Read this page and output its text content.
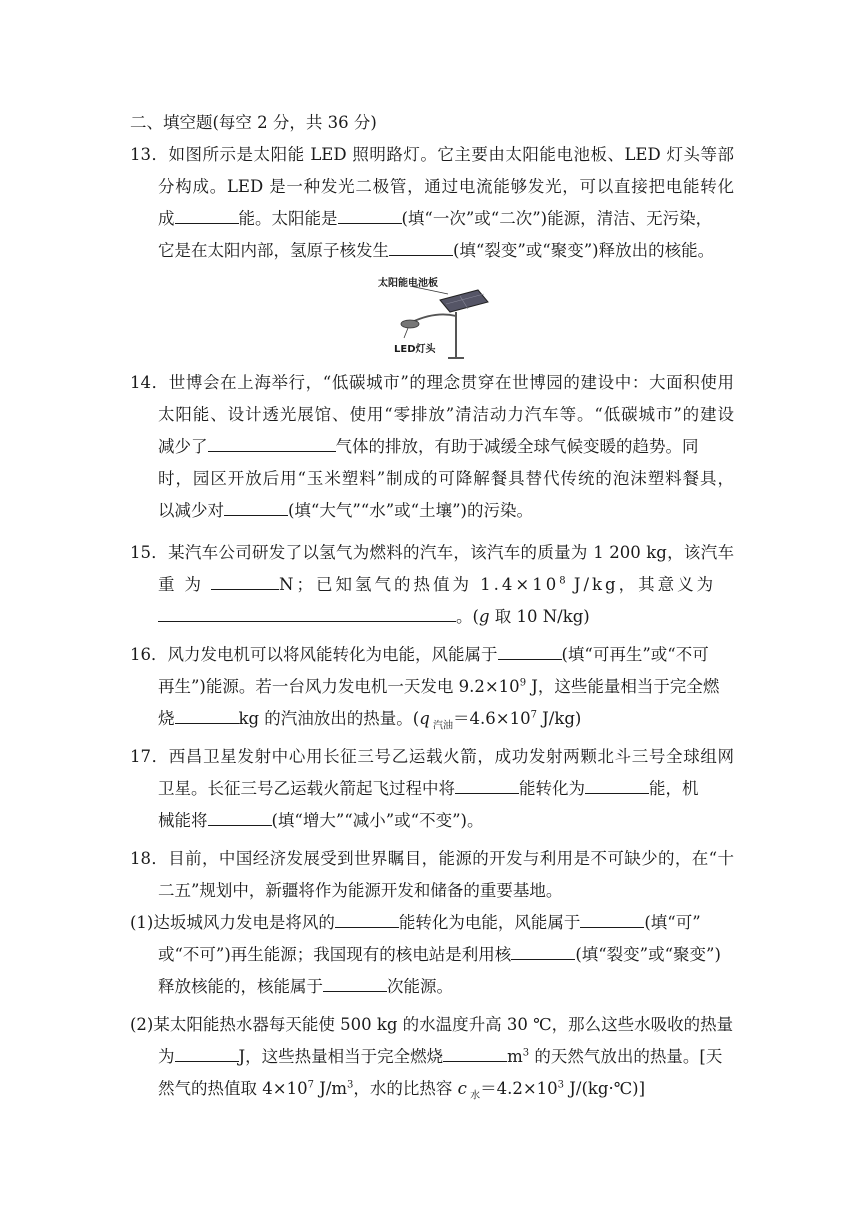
二、填空题(每空 2 分，共 36 分)
13．如图所示是太阳能 LED 照明路灯。它主要由太阳能电池板、LED 灯头等部
分构成。LED 是一种发光二极管，通过电流能够发光，可以直接把电能转化
成	能。太阳能是	(填“一次”或“二次”)能源，清洁、无污染，
它是在太阳内部，氢原子核发生	(填“裂变”或“聚变”)释放出的核能。
太阳能电池板
LED灯头
14．世博会在上海举行，“低碳城市”的理念贯穿在世博园的建设中：大面积使用
太阳能、设计透光展馆、使用“零排放”清洁动力汽车等。“低碳城市”的建设
减少了	气体的排放，有助于减缓全球气候变暖的趋势。同
时，园区开放后用“玉米塑料”制成的可降解餐具替代传统的泡沫塑料餐具，
以减少对	(填“大气”“水”或“土壤”)的污染。
15．某汽车公司研发了以氢气为燃料的汽车，该汽车的质量为 1 200 kg，该汽车
重为	N；已知氢气的热值为 $1.4\times 10^8$ J/kg，其意义为
。(g 取 10 N/kg)
16．风力发电机可以将风能转化为电能，风能属于	(填“可再生”或“不可
再生”)能源。若一台风力发电机一天发电 $9.2\times 10^9$ J，这些能量相当于完全燃
烧	kg 的汽油放出的热量。(q $_{汽油}=4.6\times 10^7$ J/kg)
17．西昌卫星发射中心用长征三号乙运载火箭，成功发射两颗北斗三号全球组网
卫星。长征三号乙运载火箭起飞过程中将	能转化为	能，机
械能将	(填“增大”“减小”或“不变”)。
18．目前，中国经济发展受到世界瞩目，能源的开发与利用是不可缺少的，在“十
二五”规划中，新疆将作为能源开发和储备的重要基地。
(1)达坂城风力发电是将风的	能转化为电能，风能属于	(填“可”
或“不可”)再生能源；我国现有的核电站是利用核	(填“裂变”或“聚变”)
释放核能的，核能属于	次能源。
(2)某太阳能热水器每天能使 500 kg 的水温度升高 30 ℃，那么这些水吸收的热量
为	J，这些热量相当于完全燃烧	$m^3$ 的天然气放出的热量。[天
然气的热值取 $4\times 10^7$ $J/m^3$，水的比热容 c $_水=4.2\times 10^3$ J/(kg·℃)]
